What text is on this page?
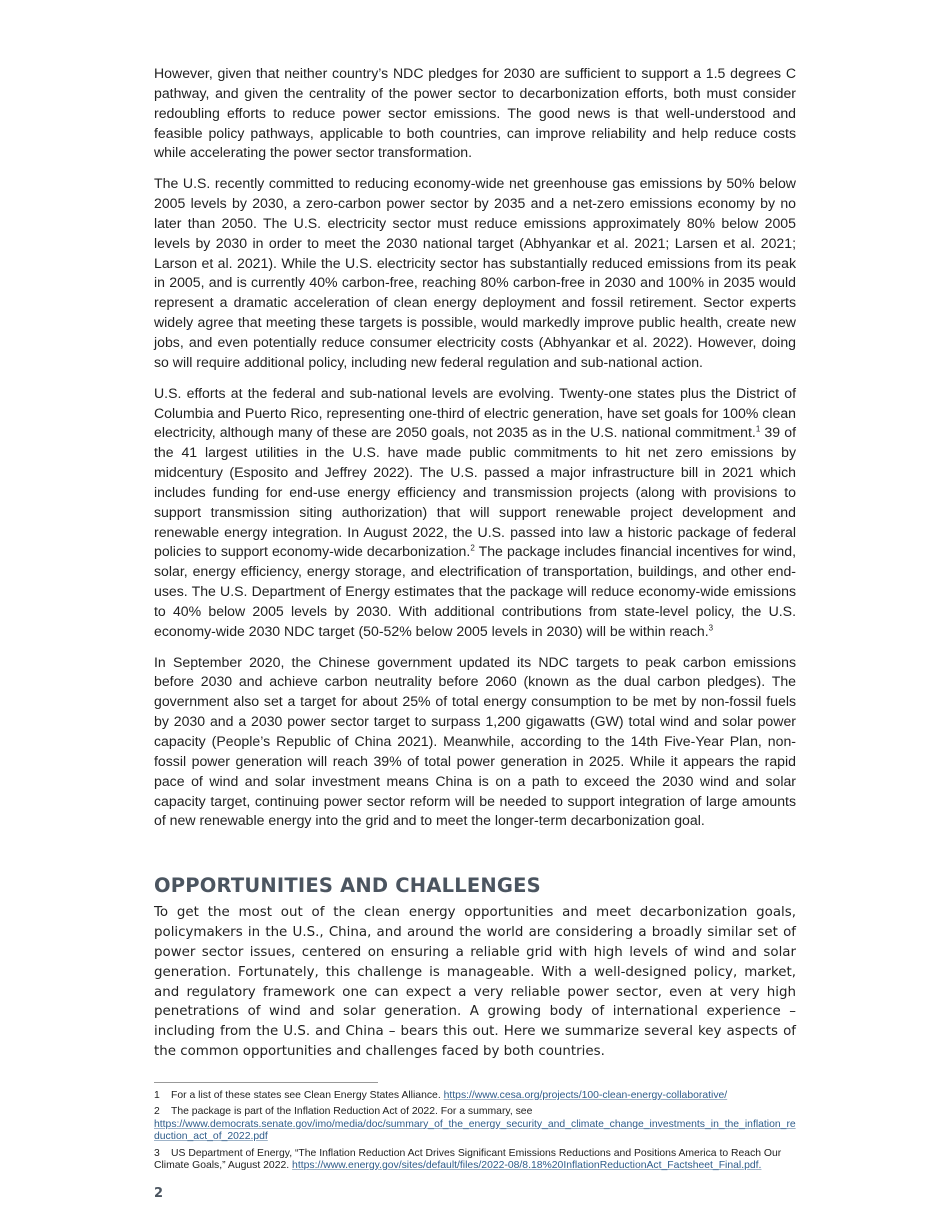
However, given that neither country’s NDC pledges for 2030 are sufficient to support a 1.5 degrees C pathway, and given the centrality of the power sector to decarbonization efforts, both must consider redoubling efforts to reduce power sector emissions. The good news is that well-understood and feasible policy pathways, applicable to both countries, can improve reliability and help reduce costs while accelerating the power sector transformation.

The U.S. recently committed to reducing economy-wide net greenhouse gas emissions by 50% below 2005 levels by 2030, a zero-carbon power sector by 2035 and a net-zero emissions economy by no later than 2050. The U.S. electricity sector must reduce emissions approximately 80% below 2005 levels by 2030 in order to meet the 2030 national target (Abhyankar et al. 2021; Larsen et al. 2021; Larson et al. 2021). While the U.S. electricity sector has substantially reduced emissions from its peak in 2005, and is currently 40% carbon-free, reaching 80% carbon-free in 2030 and 100% in 2035 would represent a dramatic acceleration of clean energy deployment and fossil retirement. Sector experts widely agree that meeting these targets is possible, would markedly improve public health, create new jobs, and even potentially reduce consumer electricity costs (Abhyankar et al. 2022). However, doing so will require additional policy, including new federal regulation and sub-national action.

U.S. efforts at the federal and sub-national levels are evolving. Twenty-one states plus the District of Columbia and Puerto Rico, representing one-third of electric generation, have set goals for 100% clean electricity, although many of these are 2050 goals, not 2035 as in the U.S. national commitment.$^1$ 39 of the 41 largest utilities in the U.S. have made public commitments to hit net zero emissions by midcentury (Esposito and Jeffrey 2022). The U.S. passed a major infrastructure bill in 2021 which includes funding for end-use energy efficiency and transmission projects (along with provisions to support transmission siting authorization) that will support renewable project development and renewable energy integration. In August 2022, the U.S. passed into law a historic package of federal policies to support economy-wide decarbonization.$^2$ The package includes financial incentives for wind, solar, energy efficiency, energy storage, and electrification of transportation, buildings, and other end-uses. The U.S. Department of Energy estimates that the package will reduce economy-wide emissions to 40% below 2005 levels by 2030. With additional contributions from state-level policy, the U.S. economy-wide 2030 NDC target (50-52% below 2005 levels in 2030) will be within reach.$^3$

In September 2020, the Chinese government updated its NDC targets to peak carbon emissions before 2030 and achieve carbon neutrality before 2060 (known as the dual carbon pledges). The government also set a target for about 25% of total energy consumption to be met by non-fossil fuels by 2030 and a 2030 power sector target to surpass 1,200 gigawatts (GW) total wind and solar power capacity (People’s Republic of China 2021). Meanwhile, according to the 14th Five-Year Plan, non-fossil power generation will reach 39% of total power generation in 2025. While it appears the rapid pace of wind and solar investment means China is on a path to exceed the 2030 wind and solar capacity target, continuing power sector reform will be needed to support integration of large amounts of new renewable energy into the grid and to meet the longer-term decarbonization goal.

OPPORTUNITIES AND CHALLENGES

To get the most out of the clean energy opportunities and meet decarbonization goals, policymakers in the U.S., China, and around the world are considering a broadly similar set of power sector issues, centered on ensuring a reliable grid with high levels of wind and solar generation. Fortunately, this challenge is manageable. With a well-designed policy, market, and regulatory framework one can expect a very reliable power sector, even at very high penetrations of wind and solar generation. A growing body of international experience – including from the U.S. and China – bears this out. Here we summarize several key aspects of the common opportunities and challenges faced by both countries.

1 For a list of these states see Clean Energy States Alliance. https://www.cesa.org/projects/100-clean-energy-collaborative/

2 The package is part of the Inflation Reduction Act of 2022. For a summary, see https://www.democrats.senate.gov/imo/media/doc/summary_of_the_energy_security_and_climate_change_investments_in_the_inflation_reduction_act_of_2022.pdf

3 US Department of Energy, “The Inflation Reduction Act Drives Significant Emissions Reductions and Positions America to Reach Our Climate Goals,” August 2022. https://www.energy.gov/sites/default/files/2022-08/8.18%20InflationReductionAct_Factsheet_Final.pdf.

2
